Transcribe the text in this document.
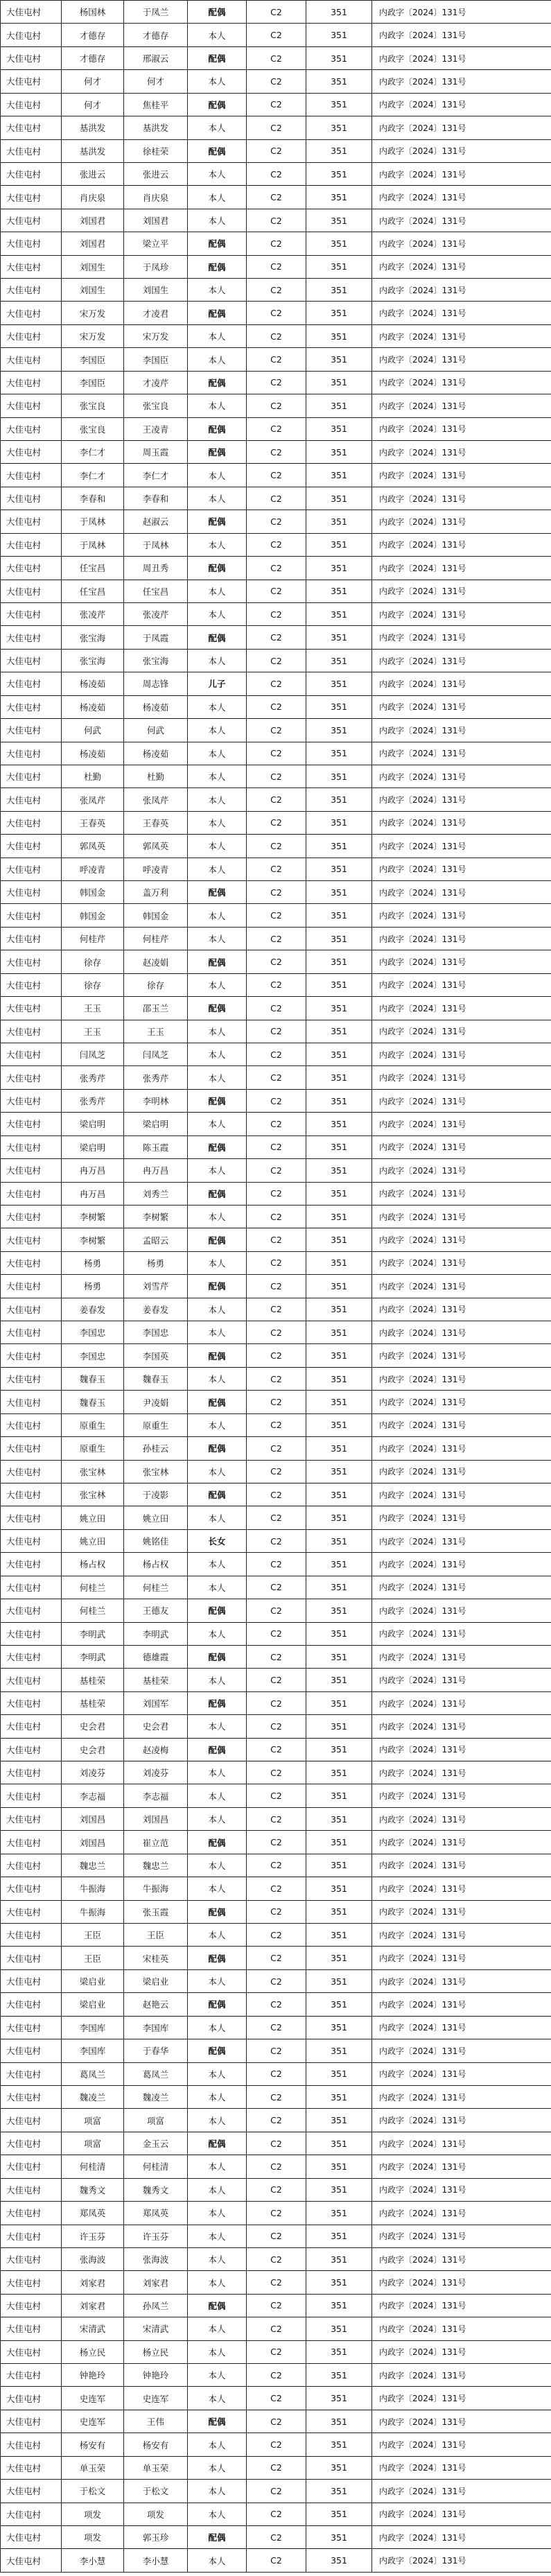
大佳屯村	杨国林	于凤兰	配偶	C2	351	内政字〔2024〕131号
大佳屯村	才德存	才德存	本人	C2	351	内政字〔2024〕131号
大佳屯村	才德存	邢淑云	配偶	C2	351	内政字〔2024〕131号
大佳屯村	何才	何才	本人	C2	351	内政字〔2024〕131号
大佳屯村	何才	焦桂平	配偶	C2	351	内政字〔2024〕131号
大佳屯村	基洪发	基洪发	本人	C2	351	内政字〔2024〕131号
大佳屯村	基洪发	徐桂荣	配偶	C2	351	内政字〔2024〕131号
大佳屯村	张进云	张进云	本人	C2	351	内政字〔2024〕131号
大佳屯村	肖庆泉	肖庆泉	本人	C2	351	内政字〔2024〕131号
大佳屯村	刘国君	刘国君	本人	C2	351	内政字〔2024〕131号
大佳屯村	刘国君	梁立平	配偶	C2	351	内政字〔2024〕131号
大佳屯村	刘国生	于凤珍	配偶	C2	351	内政字〔2024〕131号
大佳屯村	刘国生	刘国生	本人	C2	351	内政字〔2024〕131号
大佳屯村	宋万发	才凌君	配偶	C2	351	内政字〔2024〕131号
大佳屯村	宋万发	宋万发	本人	C2	351	内政字〔2024〕131号
大佳屯村	李国臣	李国臣	本人	C2	351	内政字〔2024〕131号
大佳屯村	李国臣	才凌芹	配偶	C2	351	内政字〔2024〕131号
大佳屯村	张宝良	张宝良	本人	C2	351	内政字〔2024〕131号
大佳屯村	张宝良	王凌青	配偶	C2	351	内政字〔2024〕131号
大佳屯村	李仁才	周玉霞	配偶	C2	351	内政字〔2024〕131号
大佳屯村	李仁才	李仁才	本人	C2	351	内政字〔2024〕131号
大佳屯村	李春和	李春和	本人	C2	351	内政字〔2024〕131号
大佳屯村	于凤林	赵淑云	配偶	C2	351	内政字〔2024〕131号
大佳屯村	于凤林	于凤林	本人	C2	351	内政字〔2024〕131号
大佳屯村	任宝昌	周丑秀	配偶	C2	351	内政字〔2024〕131号
大佳屯村	任宝昌	任宝昌	本人	C2	351	内政字〔2024〕131号
大佳屯村	张凌芹	张凌芹	本人	C2	351	内政字〔2024〕131号
大佳屯村	张宝海	于凤霞	配偶	C2	351	内政字〔2024〕131号
大佳屯村	张宝海	张宝海	本人	C2	351	内政字〔2024〕131号
大佳屯村	杨凌茹	周志锋	儿子	C2	351	内政字〔2024〕131号
大佳屯村	杨凌茹	杨凌茹	本人	C2	351	内政字〔2024〕131号
大佳屯村	何武	何武	本人	C2	351	内政字〔2024〕131号
大佳屯村	杨凌茹	杨凌茹	本人	C2	351	内政字〔2024〕131号
大佳屯村	杜勤	杜勤	本人	C2	351	内政字〔2024〕131号
大佳屯村	张凤芹	张凤芹	本人	C2	351	内政字〔2024〕131号
大佳屯村	王春英	王春英	本人	C2	351	内政字〔2024〕131号
大佳屯村	郭凤英	郭凤英	本人	C2	351	内政字〔2024〕131号
大佳屯村	呼凌青	呼凌青	本人	C2	351	内政字〔2024〕131号
大佳屯村	韩国金	盖万利	配偶	C2	351	内政字〔2024〕131号
大佳屯村	韩国金	韩国金	本人	C2	351	内政字〔2024〕131号
大佳屯村	何桂芹	何桂芹	本人	C2	351	内政字〔2024〕131号
大佳屯村	徐存	赵凌娟	配偶	C2	351	内政字〔2024〕131号
大佳屯村	徐存	徐存	本人	C2	351	内政字〔2024〕131号
大佳屯村	王玉	邵玉兰	配偶	C2	351	内政字〔2024〕131号
大佳屯村	王玉	王玉	本人	C2	351	内政字〔2024〕131号
大佳屯村	闫凤芝	闫凤芝	本人	C2	351	内政字〔2024〕131号
大佳屯村	张秀芹	张秀芹	本人	C2	351	内政字〔2024〕131号
大佳屯村	张秀芹	李明林	配偶	C2	351	内政字〔2024〕131号
大佳屯村	梁启明	梁启明	本人	C2	351	内政字〔2024〕131号
大佳屯村	梁启明	陈玉霞	配偶	C2	351	内政字〔2024〕131号
大佳屯村	冉万昌	冉万昌	本人	C2	351	内政字〔2024〕131号
大佳屯村	冉万昌	刘秀兰	配偶	C2	351	内政字〔2024〕131号
大佳屯村	李树繁	李树繁	本人	C2	351	内政字〔2024〕131号
大佳屯村	李树繁	孟昭云	配偶	C2	351	内政字〔2024〕131号
大佳屯村	杨勇	杨勇	本人	C2	351	内政字〔2024〕131号
大佳屯村	杨勇	刘雪芹	配偶	C2	351	内政字〔2024〕131号
大佳屯村	姜春发	姜春发	本人	C2	351	内政字〔2024〕131号
大佳屯村	李国忠	李国忠	本人	C2	351	内政字〔2024〕131号
大佳屯村	李国忠	李国英	配偶	C2	351	内政字〔2024〕131号
大佳屯村	魏春玉	魏春玉	本人	C2	351	内政字〔2024〕131号
大佳屯村	魏春玉	尹凌娟	配偶	C2	351	内政字〔2024〕131号
大佳屯村	原重生	原重生	本人	C2	351	内政字〔2024〕131号
大佳屯村	原重生	孙桂云	配偶	C2	351	内政字〔2024〕131号
大佳屯村	张宝林	张宝林	本人	C2	351	内政字〔2024〕131号
大佳屯村	张宝林	于凌影	配偶	C2	351	内政字〔2024〕131号
大佳屯村	姚立田	姚立田	本人	C2	351	内政字〔2024〕131号
大佳屯村	姚立田	姚铭佳	长女	C2	351	内政字〔2024〕131号
大佳屯村	杨占权	杨占权	本人	C2	351	内政字〔2024〕131号
大佳屯村	何桂兰	何桂兰	本人	C2	351	内政字〔2024〕131号
大佳屯村	何桂兰	王德友	配偶	C2	351	内政字〔2024〕131号
大佳屯村	李明武	李明武	本人	C2	351	内政字〔2024〕131号
大佳屯村	李明武	德雄霞	配偶	C2	351	内政字〔2024〕131号
大佳屯村	基桂荣	基桂荣	本人	C2	351	内政字〔2024〕131号
大佳屯村	基桂荣	刘国军	配偶	C2	351	内政字〔2024〕131号
大佳屯村	史会君	史会君	本人	C2	351	内政字〔2024〕131号
大佳屯村	史会君	赵凌梅	配偶	C2	351	内政字〔2024〕131号
大佳屯村	刘凌芬	刘凌芬	本人	C2	351	内政字〔2024〕131号
大佳屯村	李志福	李志福	本人	C2	351	内政字〔2024〕131号
大佳屯村	刘国昌	刘国昌	本人	C2	351	内政字〔2024〕131号
大佳屯村	刘国昌	崔立范	配偶	C2	351	内政字〔2024〕131号
大佳屯村	魏忠兰	魏忠兰	本人	C2	351	内政字〔2024〕131号
大佳屯村	牛振海	牛振海	本人	C2	351	内政字〔2024〕131号
大佳屯村	牛振海	张玉霞	配偶	C2	351	内政字〔2024〕131号
大佳屯村	王臣	王臣	本人	C2	351	内政字〔2024〕131号
大佳屯村	王臣	宋桂英	配偶	C2	351	内政字〔2024〕131号
大佳屯村	梁启业	梁启业	本人	C2	351	内政字〔2024〕131号
大佳屯村	梁启业	赵艳云	配偶	C2	351	内政字〔2024〕131号
大佳屯村	李国库	李国库	本人	C2	351	内政字〔2024〕131号
大佳屯村	李国库	于春华	配偶	C2	351	内政字〔2024〕131号
大佳屯村	葛凤兰	葛凤兰	本人	C2	351	内政字〔2024〕131号
大佳屯村	魏凌兰	魏凌兰	本人	C2	351	内政字〔2024〕131号
大佳屯村	项富	项富	本人	C2	351	内政字〔2024〕131号
大佳屯村	项富	金玉云	配偶	C2	351	内政字〔2024〕131号
大佳屯村	何桂清	何桂清	本人	C2	351	内政字〔2024〕131号
大佳屯村	魏秀文	魏秀文	本人	C2	351	内政字〔2024〕131号
大佳屯村	郑凤英	郑凤英	本人	C2	351	内政字〔2024〕131号
大佳屯村	许玉芬	许玉芬	本人	C2	351	内政字〔2024〕131号
大佳屯村	张海波	张海波	本人	C2	351	内政字〔2024〕131号
大佳屯村	刘家君	刘家君	本人	C2	351	内政字〔2024〕131号
大佳屯村	刘家君	孙凤兰	配偶	C2	351	内政字〔2024〕131号
大佳屯村	宋清武	宋清武	本人	C2	351	内政字〔2024〕131号
大佳屯村	杨立民	杨立民	本人	C2	351	内政字〔2024〕131号
大佳屯村	钟艳玲	钟艳玲	本人	C2	351	内政字〔2024〕131号
大佳屯村	史连军	史连军	本人	C2	351	内政字〔2024〕131号
大佳屯村	史连军	王伟	配偶	C2	351	内政字〔2024〕131号
大佳屯村	杨安有	杨安有	本人	C2	351	内政字〔2024〕131号
大佳屯村	单玉荣	单玉荣	本人	C2	351	内政字〔2024〕131号
大佳屯村	于松文	于松文	本人	C2	351	内政字〔2024〕131号
大佳屯村	项发	项发	本人	C2	351	内政字〔2024〕131号
大佳屯村	项发	郭玉珍	配偶	C2	351	内政字〔2024〕131号
大佳屯村	李小慧	李小慧	本人	C2	351	内政字〔2024〕131号
